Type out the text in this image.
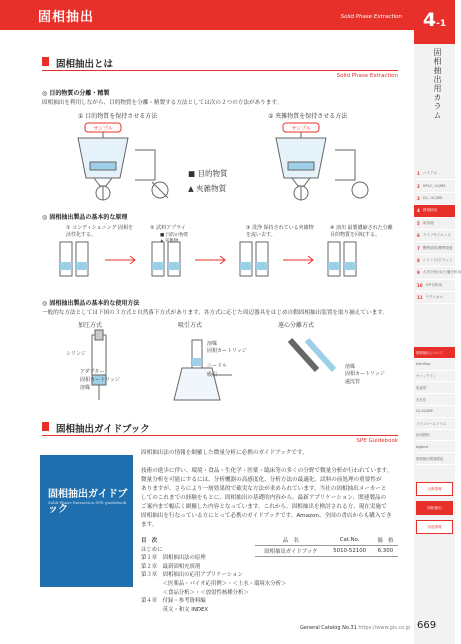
固相抽出	Solid Phase Extraction	4-1
固相抽出用カラム
1 バイアル
2 HPLC, LC/MS
3 GC, GC/MS
4 固相抽出
5 前処理
6 ライフサイエンス
7 標準試料/標準物質
8 シリンジ/ピペット
9 大気分析/水/土壌分析用
10 ICP分析用
11 テクニカル
固相抽出について
InertSep
ヴァックイン
用途別
多孔性
GL-SCARE
ライフコールドリル
汎用固相
Agilent
固相抽出関連製品
出典情報
固相抽出
用途情報
固相抽出とは
Solid Phase Extraction
◎ 目的物質の分離・精製
固相抽出を利用しながら、目的物質を分離・精製する方法としては次の２つの方法があります。
① 目的物質を保持させる方法	② 夾雑物質を保持させる方法
サンプル	サンプル
■ 目的物質
▲ 夾雑物質
◎ 固相抽出製品の基本的な原理
① コンディショニング 固相を活性化する。
② 試料アプライ
■ 目的の物質
③ 洗浄 保持されている夾雑物を流い去す。
④ 溶出 最製濃縮された分離目的物質を回収する。
◎ 固相抽出製品の基本的な使用方法
一般的な方法としては下図の３方式と自然落下方式があります。各方式に応じた周辺器具をはじめ自動固相抽出装置を取り揃えています。
加圧方式	吸引方式	遠心分離方式
シリンジ
アダプター
固相カートリッジ
溶媒
溶媒
固相カートリッジ
ニードル
吸引
溶媒
固相カートリッジ
遠沈管
固相抽出ガイドブック
SPE Guidebook
固相抽出ガイドブック
Solid Phase Extraction SPE guidebook
固相抽出法の情報を網羅した微量分析に必携のガイドブックです。
技術の進歩に伴い、環境・食品・生化学・医薬・臨床等の多くの分野で微量分析が行われています。
微量分析を可能にするには、分析機器の高感度化、分析方法の最適化、試料の前処理の重要性が
ありますが、さらにより一層効果的で確実な方法が求められています。当社の固相抽出メーカーと
してのこれまでの経験をもとに、固相抽出の基礎的内容から、最新アプリケーション、関連製品の
ご案内まで幅広く網羅した内容となっています。これから、固相抽出を検討される方、現在実施で
固相抽出を行なっている方にとって必携のガイドブックです。Amazon、全国の書店からも購入でき
ます。
目　次
はじめに
第１章　固相抽出法の原理
第２章　最新固相充填剤
第３章　固相抽出の応用アプリケーション
　　　　＜医薬品・バイオ応用例＞・＜土水・環境水分析＞
　　　　＜食品分析＞・＜放射性核種分析＞
第４章　付録・参考資料編
　　　　英文・和文 INDEX
品　名	Cat.No.	価　格
固相抽出ガイドブック	5010-52100	6,300
General Catalog No.31 https://www.gls.co.jp 669
